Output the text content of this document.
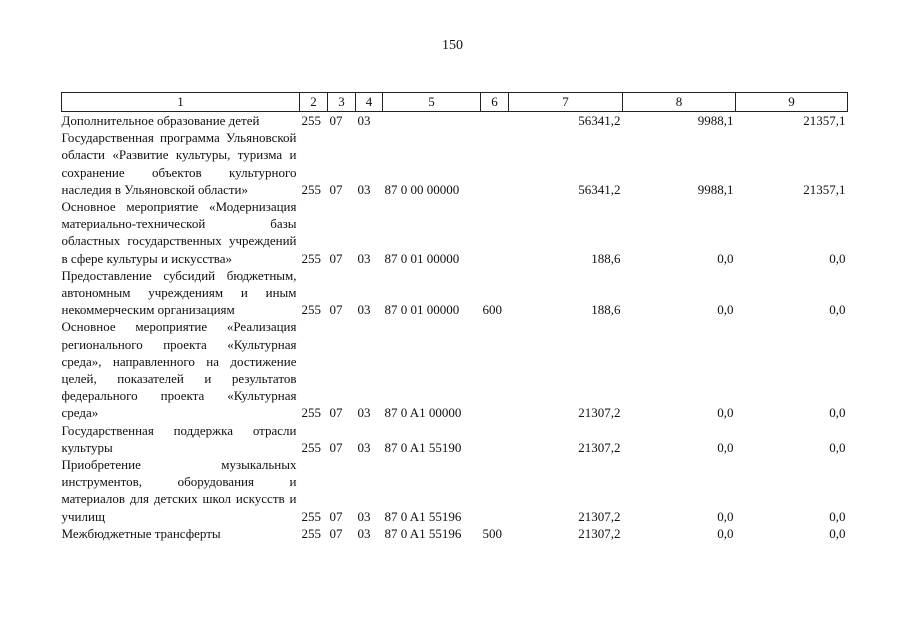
150
1	2	3	4	5	6	7	8	9
Дополнительное образование детей	255	07	03			56341,2	9988,1	21357,1
Государственная программа Ульяновской области «Развитие культуры, туризма и сохранение объектов культурного наследия в Ульяновской области»	255	07	03	87 0 00 00000		56341,2	9988,1	21357,1
Основное мероприятие «Модернизация материально-технической базы областных государственных учреждений в сфере культуры и искусства»	255	07	03	87 0 01 00000		188,6	0,0	0,0
Предоставление субсидий бюджетным, автономным учреждениям и иным некоммерческим организациям	255	07	03	87 0 01 00000	600	188,6	0,0	0,0
Основное мероприятие «Реализация регионального проекта «Культурная среда», направленного на достижение целей, показателей и результатов федерального проекта «Культурная среда»	255	07	03	87 0 A1 00000		21307,2	0,0	0,0
Государственная поддержка отрасли культуры	255	07	03	87 0 A1 55190		21307,2	0,0	0,0
Приобретение музыкальных инструментов, оборудования и материалов для детских школ искусств и училищ	255	07	03	87 0 A1 55196		21307,2	0,0	0,0
Межбюджетные трансферты	255	07	03	87 0 A1 55196	500	21307,2	0,0	0,0
